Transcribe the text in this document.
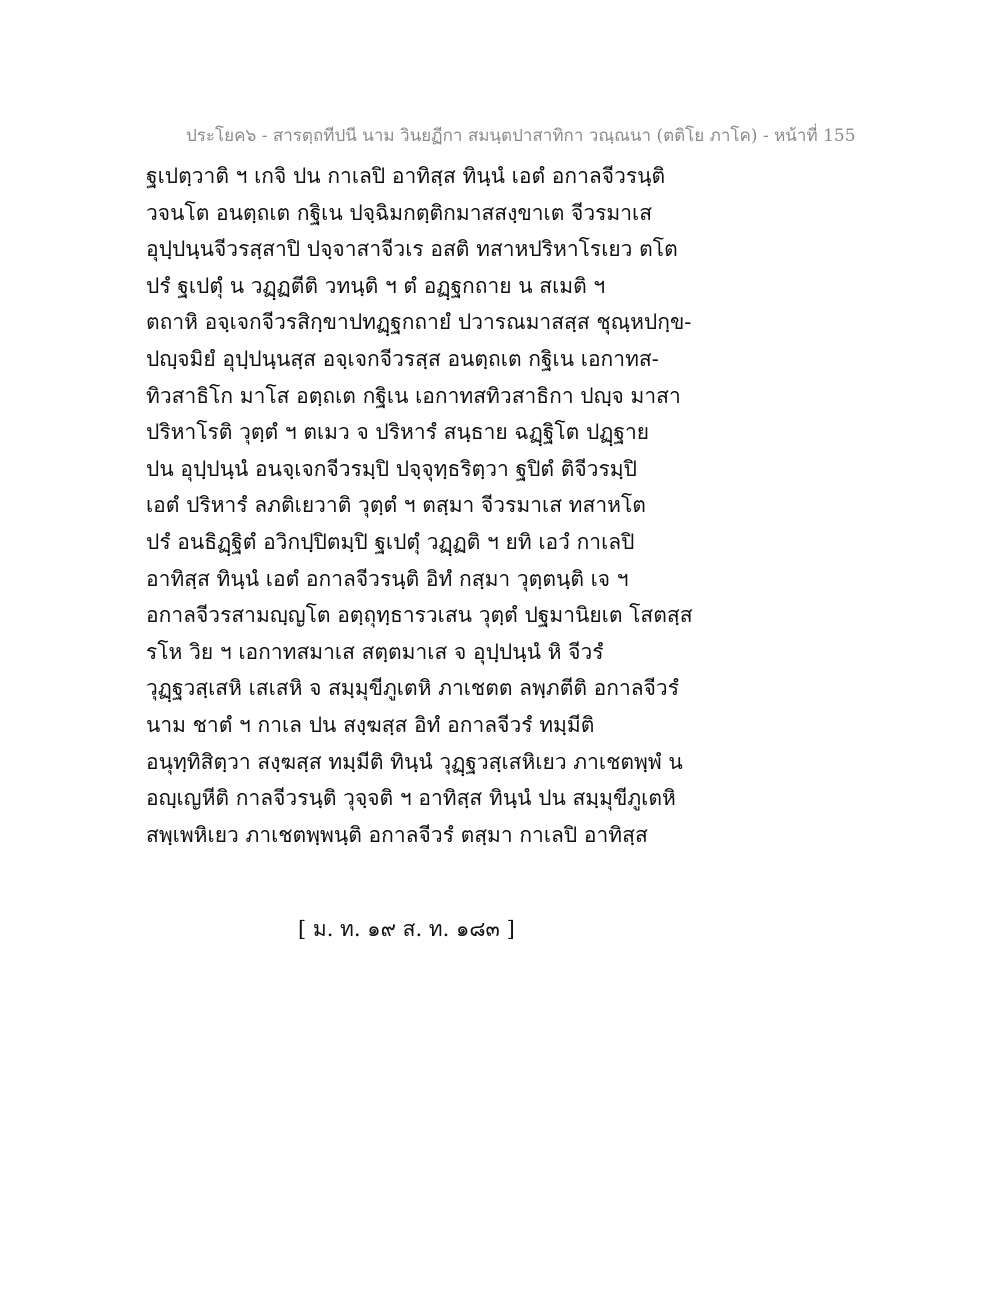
ประโยค๖ - สารตฺถทีปนี นาม วินยฏีกา สมนฺตปาสาทิกา วณฺณนา (ตติโย ภาโค) - หน้าที่ 155
ฐเปตฺวาติ ฯ เกจิ ปน กาเลปิ อาทิสฺส ทินฺนํ เอตํ อกาลจีวรนฺติ
วจนโต อนตฺถเต กฐิเน ปจฺฉิมกตฺติกมาสสงฺขาเต จีวรมาเส
อุปฺปนฺนจีวรสฺสาปิ ปจฺจาสาจีวเร อสติ ทสาหปริหาโรเยว ตโต
ปรํ ฐเปตุํ น วฏฺฏตีติ วทนฺติ ฯ ตํ อฏฺฐกถาย น สเมติ ฯ
ตถาหิ อจฺเจกจีวรสิกฺขาปทฏฺฐกถายํ ปวารณมาสสฺส ชุณฺหปกฺข-
ปญฺจมิยํ อุปฺปนฺนสฺส อจฺเจกจีวรสฺส อนตฺถเต กฐิเน เอกาทส-
ทิวสาธิโก มาโส อตฺถเต กฐิเน เอกาทสทิวสาธิกา ปญฺจ มาสา
ปริหาโรติ วุตฺตํ ฯ ตเมว จ ปริหารํ สนฺธาย ฉฏฺฐิโต ปฏฺฐาย
ปน อุปฺปนฺนํ อนจฺเจกจีวรมฺปิ ปจฺจุทฺธริตฺวา ฐปิตํ ติจีวรมฺปิ
เอตํ ปริหารํ ลภติเยวาติ วุตฺตํ ฯ ตสฺมา จีวรมาเส ทสาหโต
ปรํ อนธิฏฺฐิตํ อวิกปฺปิตมฺปิ ฐเปตุํ วฏฺฏติ ฯ ยทิ เอวํ กาเลปิ
อาทิสฺส ทินฺนํ เอตํ อกาลจีวรนฺติ อิทํ กสฺมา วุตฺตนฺติ เจ ฯ
อกาลจีวรสามญฺญโต อตฺถุทฺธารวเสน วุตฺตํ ปฐมานิยเต โสตสฺส
รโห วิย ฯ เอกาทสมาเส สตฺตมาเส จ อุปฺปนฺนํ หิ จีวรํ
วุฏฺฐวสฺเสหิ เสเสหิ จ สมฺมุขีภูเตหิ ภาเชตต ลพฺภตีติ อกาลจีวรํ
นาม ชาตํ ฯ กาเล ปน สงฺฆสฺส อิทํ อกาลจีวรํ ทมฺมีติ
อนุทฺทิสิตฺวา สงฺฆสฺส ทมฺมีติ ทินฺนํ วุฏฺฐวสฺเสหิเยว ภาเชตพฺพํ น
อญฺเญหีติ กาลจีวรนฺติ วุจฺจติ ฯ อาทิสฺส ทินฺนํ ปน สมฺมุขีภูเตหิ
สพฺเพหิเยว ภาเชตพฺพนฺติ อกาลจีวรํ ตสฺมา กาเลปิ อาทิสฺส
[ ม. ท. ๑๙ ส. ท. ๑๘๓ ]
